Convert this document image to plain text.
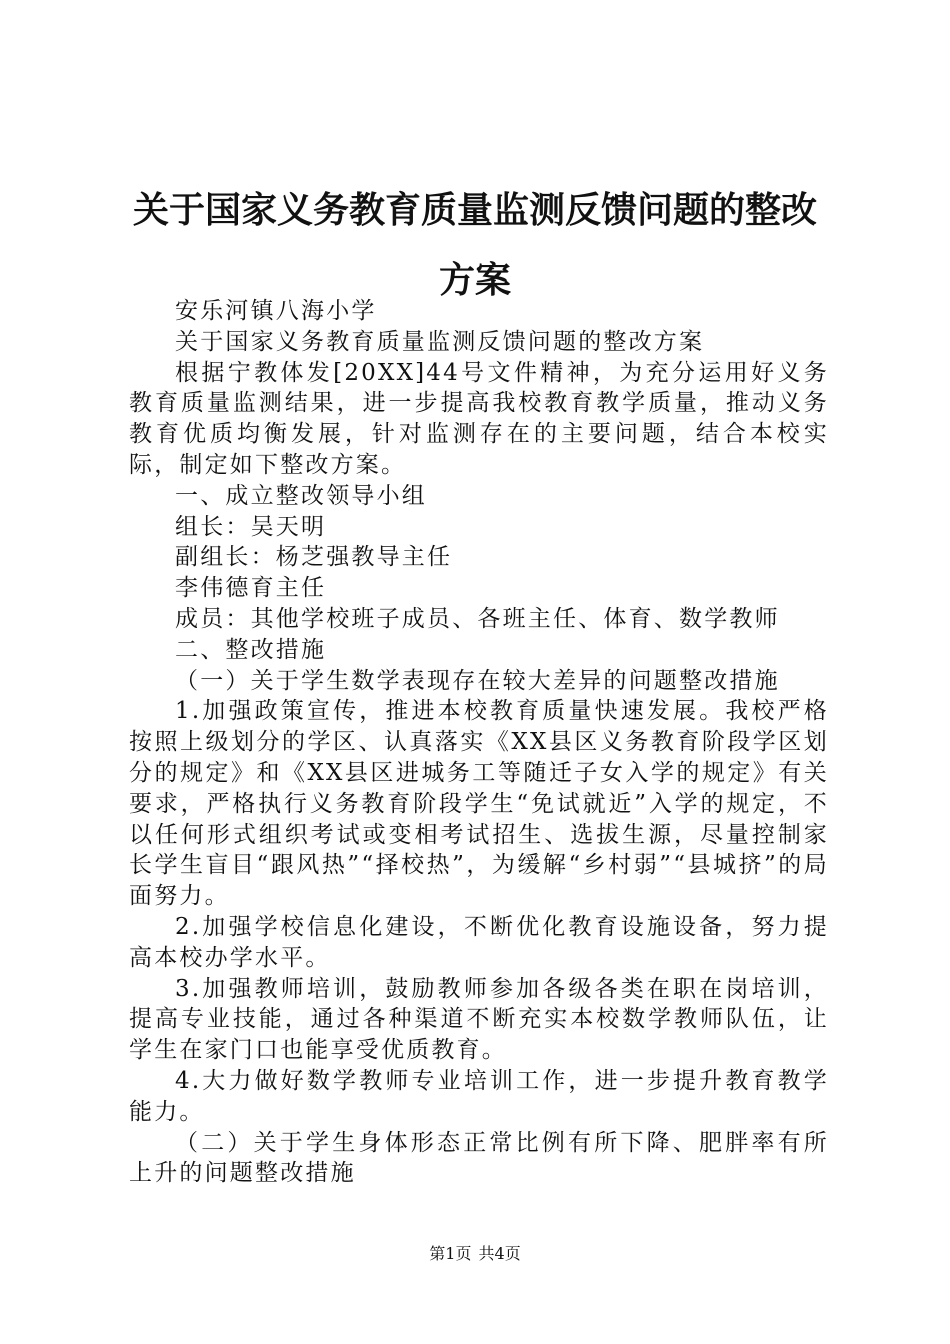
关于国家义务教育质量监测反馈问题的整改方案

安乐河镇八海小学

关于国家义务教育质量监测反馈问题的整改方案

根据宁教体发[20XX]44号文件精神，为充分运用好义务教育质量监测结果，进一步提高我校教育教学质量，推动义务教育优质均衡发展，针对监测存在的主要问题，结合本校实际，制定如下整改方案。

一、成立整改领导小组

组长：吴天明

副组长：杨芝强教导主任

李伟德育主任

成员：其他学校班子成员、各班主任、体育、数学教师

二、整改措施

（一）关于学生数学表现存在较大差异的问题整改措施

1.加强政策宣传，推进本校教育质量快速发展。我校严格按照上级划分的学区、认真落实《XX县区义务教育阶段学区划分的规定》和《XX县区进城务工等随迁子女入学的规定》有关要求，严格执行义务教育阶段学生“免试就近”入学的规定，不以任何形式组织考试或变相考试招生、选拔生源，尽量控制家长学生盲目“跟风热”“择校热”，为缓解“乡村弱”“县城挤”的局面努力。

2.加强学校信息化建设，不断优化教育设施设备，努力提高本校办学水平。

3.加强教师培训，鼓励教师参加各级各类在职在岗培训，提高专业技能，通过各种渠道不断充实本校数学教师队伍，让学生在家门口也能享受优质教育。

4.大力做好数学教师专业培训工作，进一步提升教育教学能力。

（二）关于学生身体形态正常比例有所下降、肥胖率有所上升的问题整改措施

第1页 共4页
